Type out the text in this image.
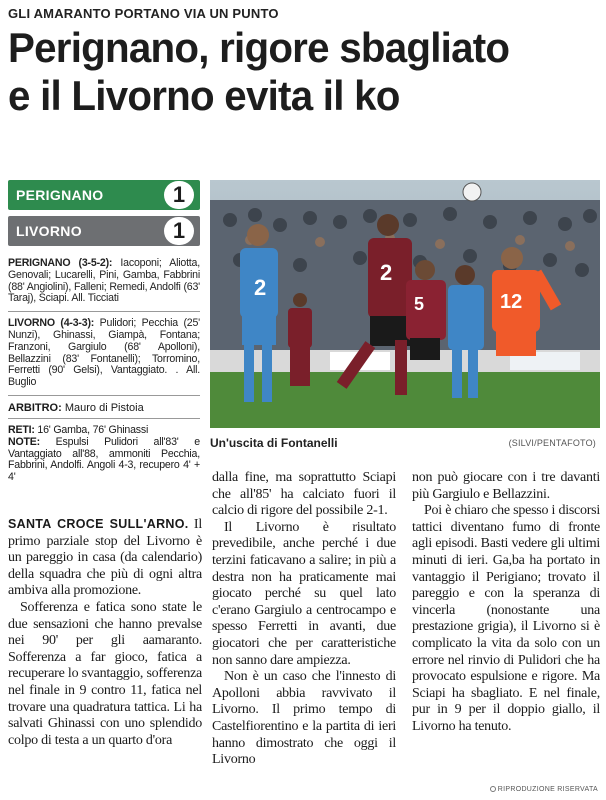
GLI AMARANTO PORTANO VIA UN PUNTO
Perignano, rigore sbagliato
e il Livorno evita il ko
PERIGNANO	1
LIVORNO	1
PERIGNANO (3-5-2): Iacoponi; Aliotta, Genovali; Lucarelli, Pini, Gamba, Fabbrini (88' Angiolini), Falleni; Remedi, Andolfi (63' Taraj), Sciapi. All. Ticciati
LIVORNO (4-3-3): Pulidori; Pecchia (25' Nunzi), Ghinassi, Giampà, Fontana; Franzoni, Gargiulo (68' Apolloni), Bellazzini (83' Fontanelli); Torromino, Ferretti (90' Gelsi), Vantaggiato. . All. Buglio
ARBITRO: Mauro di Pistoia
RETI: 16' Gamba, 76' Ghinassi
NOTE: Espulsi Pulidori all'83' e Vantaggiato all'88, ammoniti Pecchia, Fabbrini, Andolfi. Angoli 4-3, recupero 4' + 4'
2
2
5	12
Un'uscita di Fontanelli	(SILVI/PENTAFOTO)

SANTA CROCE SULL'ARNO. Il primo parziale stop del Livorno è un pareggio in casa (da calendario) della squadra che più di ogni altra ambiva alla promozione.

Sofferenza e fatica sono state le due sensazioni che hanno prevalse nei 90' per gli aamaranto. Sofferenza a far gioco, fatica a recuperare lo svantaggio, sofferenza nel finale in 9 contro 11, fatica nel trovare una quadratura tattica. Li ha salvati Ghinassi con uno splendido colpo di testa a un quarto d'ora

dalla fine, ma soprattutto Sciapi che all'85' ha calciato fuori il calcio di rigore del possibile 2-1.

Il Livorno è risultato prevedibile, anche perché i due terzini faticavano a salire; in più a destra non ha praticamente mai giocato perché su quel lato c'erano Gargiulo a centrocampo e spesso Ferretti in avanti, due giocatori che per caratteristiche non sanno dare ampiezza.

Non è un caso che l'innesto di Apolloni abbia ravvivato il Livorno. Il primo tempo di Castelfiorentino e la partita di ieri hanno dimostrato che oggi il Livorno

non può giocare con i tre davanti più Gargiulo e Bellazzini.

Poi è chiaro che spesso i discorsi tattici diventano fumo di fronte agli episodi. Basti vedere gli ultimi minuti di ieri. Ga,ba ha portato in vantaggio il Perigiano; trovato il pareggio e con la speranza di vincerla (nonostante una prestazione grigia), il Livorno si è complicato la vita da solo con un errore nel rinvio di Pulidori che ha provocato espulsione e rigore. Ma Sciapi ha sbagliato. E nel finale, pur in 9 per il doppio giallo, il Livorno ha tenuto.

RIPRODUZIONE RISERVATA
